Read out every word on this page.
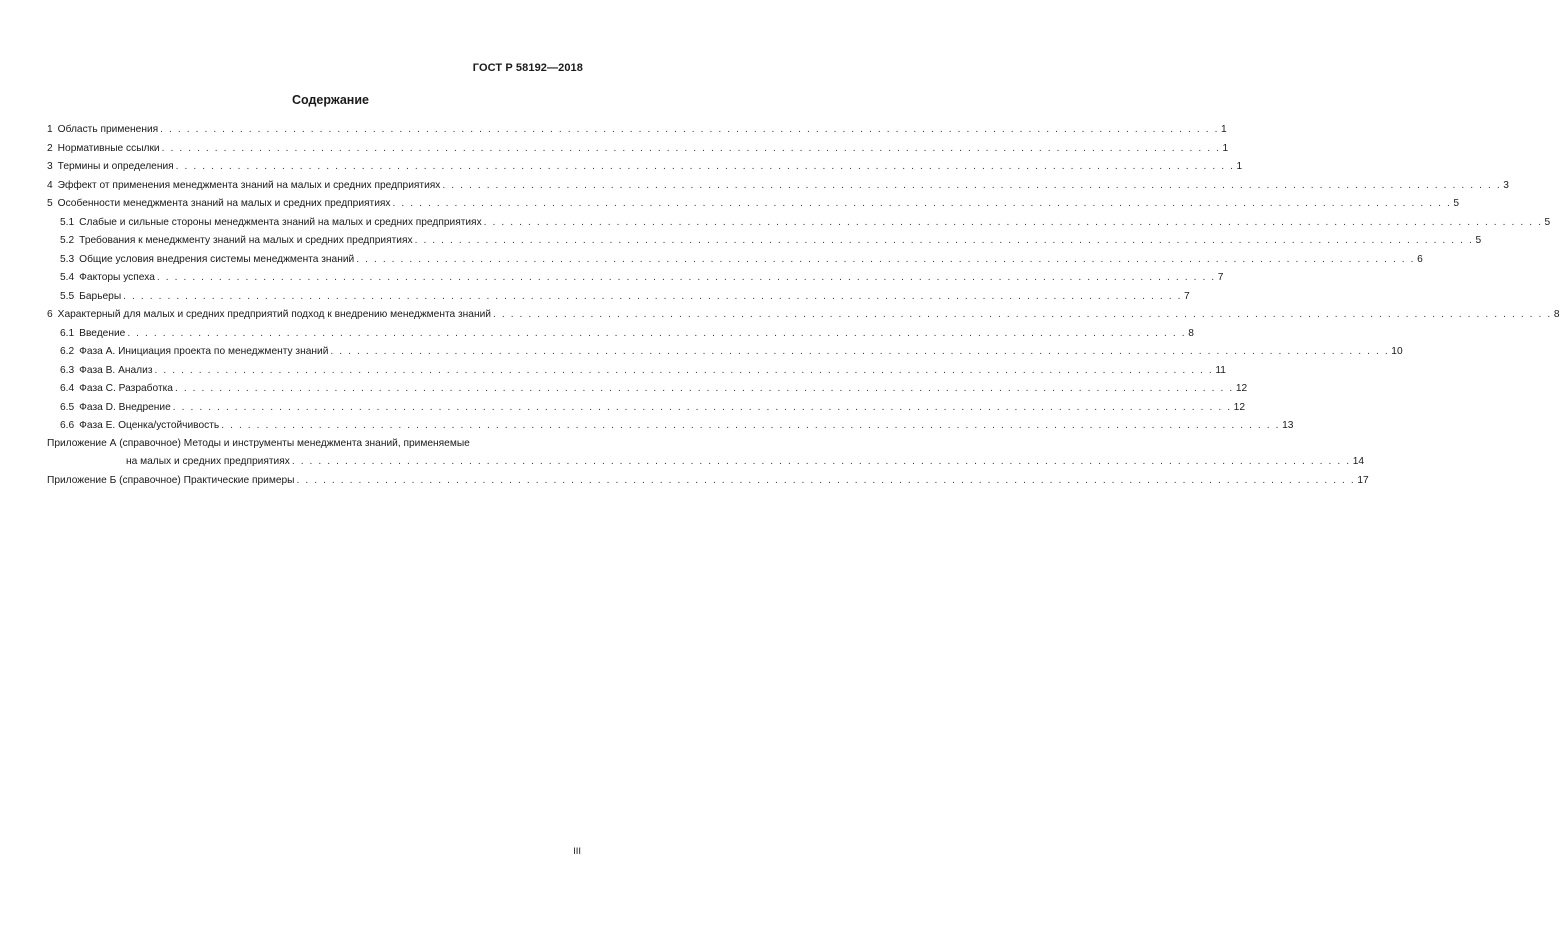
ГОСТ Р 58192—2018
Содержание
1 Область применения . . . . . . . . . . . . . . . . . . . . . . . . . . . . . . . . . . . . . . . . . . . . . . . . . . . . . . . . . . . . . . . . . . . . . . . . . . . . . . . . . . . . . . . . . . . . . . . . . . . . . . . . . . . . . . . . . . . . . . . . 1
2 Нормативные ссылки . . . . . . . . . . . . . . . . . . . . . . . . . . . . . . . . . . . . . . . . . . . . . . . . . . . . . . . . . . . . . . . . . . . . . . . . . . . . . . . . . . . . . . . . . . . . . . . . . . . . . . . . . . . . . . . . . . . . . . . . 1
3 Термины и определения . . . . . . . . . . . . . . . . . . . . . . . . . . . . . . . . . . . . . . . . . . . . . . . . . . . . . . . . . . . . . . . . . . . . . . . . . . . . . . . . . . . . . . . . . . . . . . . . . . . . . . . . . . . . . . . . . . . . . . . . 1
4 Эффект от применения менеджмента знаний на малых и средних предприятиях . . . . . . . . . . . . . . . . . . . . . . . . . . . . . . . . . . . . . . . . . . . . . . . . . . . . . . . . . . . . . . . . . . . . . . . . . . . . . . . . . . . . . . . . . . . . . . . . . . . . . . . . . . . . . . . . . . . . . . . . 3
5 Особенности менеджмента знаний на малых и средних предприятиях . . . . . . . . . . . . . . . . . . . . . . . . . . . . . . . . . . . . . . . . . . . . . . . . . . . . . . . . . . . . . . . . . . . . . . . . . . . . . . . . . . . . . . . . . . . . . . . . . . . . . . . . . . . . . . . . . . . . . . . . 5
5.1 Слабые и сильные стороны менеджмента знаний на малых и средних предприятиях . . . . . . . . . . . . . . . . . . . . . . . . . . . . . . . . . . . . . . . . . . . . . . . . . . . . . . . . . . . . . . . . . . . . . . . . . . . . . . . . . . . . . . . . . . . . . . . . . . . . . . . . . . . . . . . . . . . . . . . . 5
5.2 Требования к менеджменту знаний на малых и средних предприятиях . . . . . . . . . . . . . . . . . . . . . . . . . . . . . . . . . . . . . . . . . . . . . . . . . . . . . . . . . . . . . . . . . . . . . . . . . . . . . . . . . . . . . . . . . . . . . . . . . . . . . . . . . . . . . . . . . . . . . . . . 5
5.3 Общие условия внедрения системы менеджмента знаний . . . . . . . . . . . . . . . . . . . . . . . . . . . . . . . . . . . . . . . . . . . . . . . . . . . . . . . . . . . . . . . . . . . . . . . . . . . . . . . . . . . . . . . . . . . . . . . . . . . . . . . . . . . . . . . . . . . . . . . . 6
5.4 Факторы успеха . . . . . . . . . . . . . . . . . . . . . . . . . . . . . . . . . . . . . . . . . . . . . . . . . . . . . . . . . . . . . . . . . . . . . . . . . . . . . . . . . . . . . . . . . . . . . . . . . . . . . . . . . . . . . . . . . . . . . . . . 7
5.5 Барьеры . . . . . . . . . . . . . . . . . . . . . . . . . . . . . . . . . . . . . . . . . . . . . . . . . . . . . . . . . . . . . . . . . . . . . . . . . . . . . . . . . . . . . . . . . . . . . . . . . . . . . . . . . . . . . . . . . . . . . . . . 7
6 Характерный для малых и средних предприятий подход к внедрению менеджмента знаний . . . . . . . . . . . . . . . . . . . . . . . . . . . . . . . . . . . . . . . . . . . . . . . . . . . . . . . . . . . . . . . . . . . . . . . . . . . . . . . . . . . . . . . . . . . . . . . . . . . . . . . . . . . . . . . . . . . . . . . . 8
6.1 Введение . . . . . . . . . . . . . . . . . . . . . . . . . . . . . . . . . . . . . . . . . . . . . . . . . . . . . . . . . . . . . . . . . . . . . . . . . . . . . . . . . . . . . . . . . . . . . . . . . . . . . . . . . . . . . . . . . . . . . . . . 8
6.2 Фаза А. Инициация проекта по менеджменту знаний . . . . . . . . . . . . . . . . . . . . . . . . . . . . . . . . . . . . . . . . . . . . . . . . . . . . . . . . . . . . . . . . . . . . . . . . . . . . . . . . . . . . . . . . . . . . . . . . . . . . . . . . . . . . . . . . . . . . . . . . 10
6.3 Фаза В. Анализ . . . . . . . . . . . . . . . . . . . . . . . . . . . . . . . . . . . . . . . . . . . . . . . . . . . . . . . . . . . . . . . . . . . . . . . . . . . . . . . . . . . . . . . . . . . . . . . . . . . . . . . . . . . . . . . . . . . . . . . . 11
6.4 Фаза С. Разработка . . . . . . . . . . . . . . . . . . . . . . . . . . . . . . . . . . . . . . . . . . . . . . . . . . . . . . . . . . . . . . . . . . . . . . . . . . . . . . . . . . . . . . . . . . . . . . . . . . . . . . . . . . . . . . . . . . . . . . . . 12
6.5 Фаза D. Внедрение . . . . . . . . . . . . . . . . . . . . . . . . . . . . . . . . . . . . . . . . . . . . . . . . . . . . . . . . . . . . . . . . . . . . . . . . . . . . . . . . . . . . . . . . . . . . . . . . . . . . . . . . . . . . . . . . . . . . . . . . 12
6.6 Фаза Е. Оценка/устойчивость . . . . . . . . . . . . . . . . . . . . . . . . . . . . . . . . . . . . . . . . . . . . . . . . . . . . . . . . . . . . . . . . . . . . . . . . . . . . . . . . . . . . . . . . . . . . . . . . . . . . . . . . . . . . . . . . . . . . . . . . 13
Приложение А (справочное) Методы и инструменты менеджмента знаний, применяемые
на малых и средних предприятиях . . . . . . . . . . . . . . . . . . . . . . . . . . . . . . . . . . . . . . . . . . . . . . . . . . . . . . . . . . . . . . . . . . . . . . . . . . . . . . . . . . . . . . . . . . . . . . . . . . . . . . . . . . . . . . . . . . . . . . . . 14
Приложение Б (справочное) Практические примеры . . . . . . . . . . . . . . . . . . . . . . . . . . . . . . . . . . . . . . . . . . . . . . . . . . . . . . . . . . . . . . . . . . . . . . . . . . . . . . . . . . . . . . . . . . . . . . . . . . . . . . . . . . . . . . . . . . . . . . . . 17
III
